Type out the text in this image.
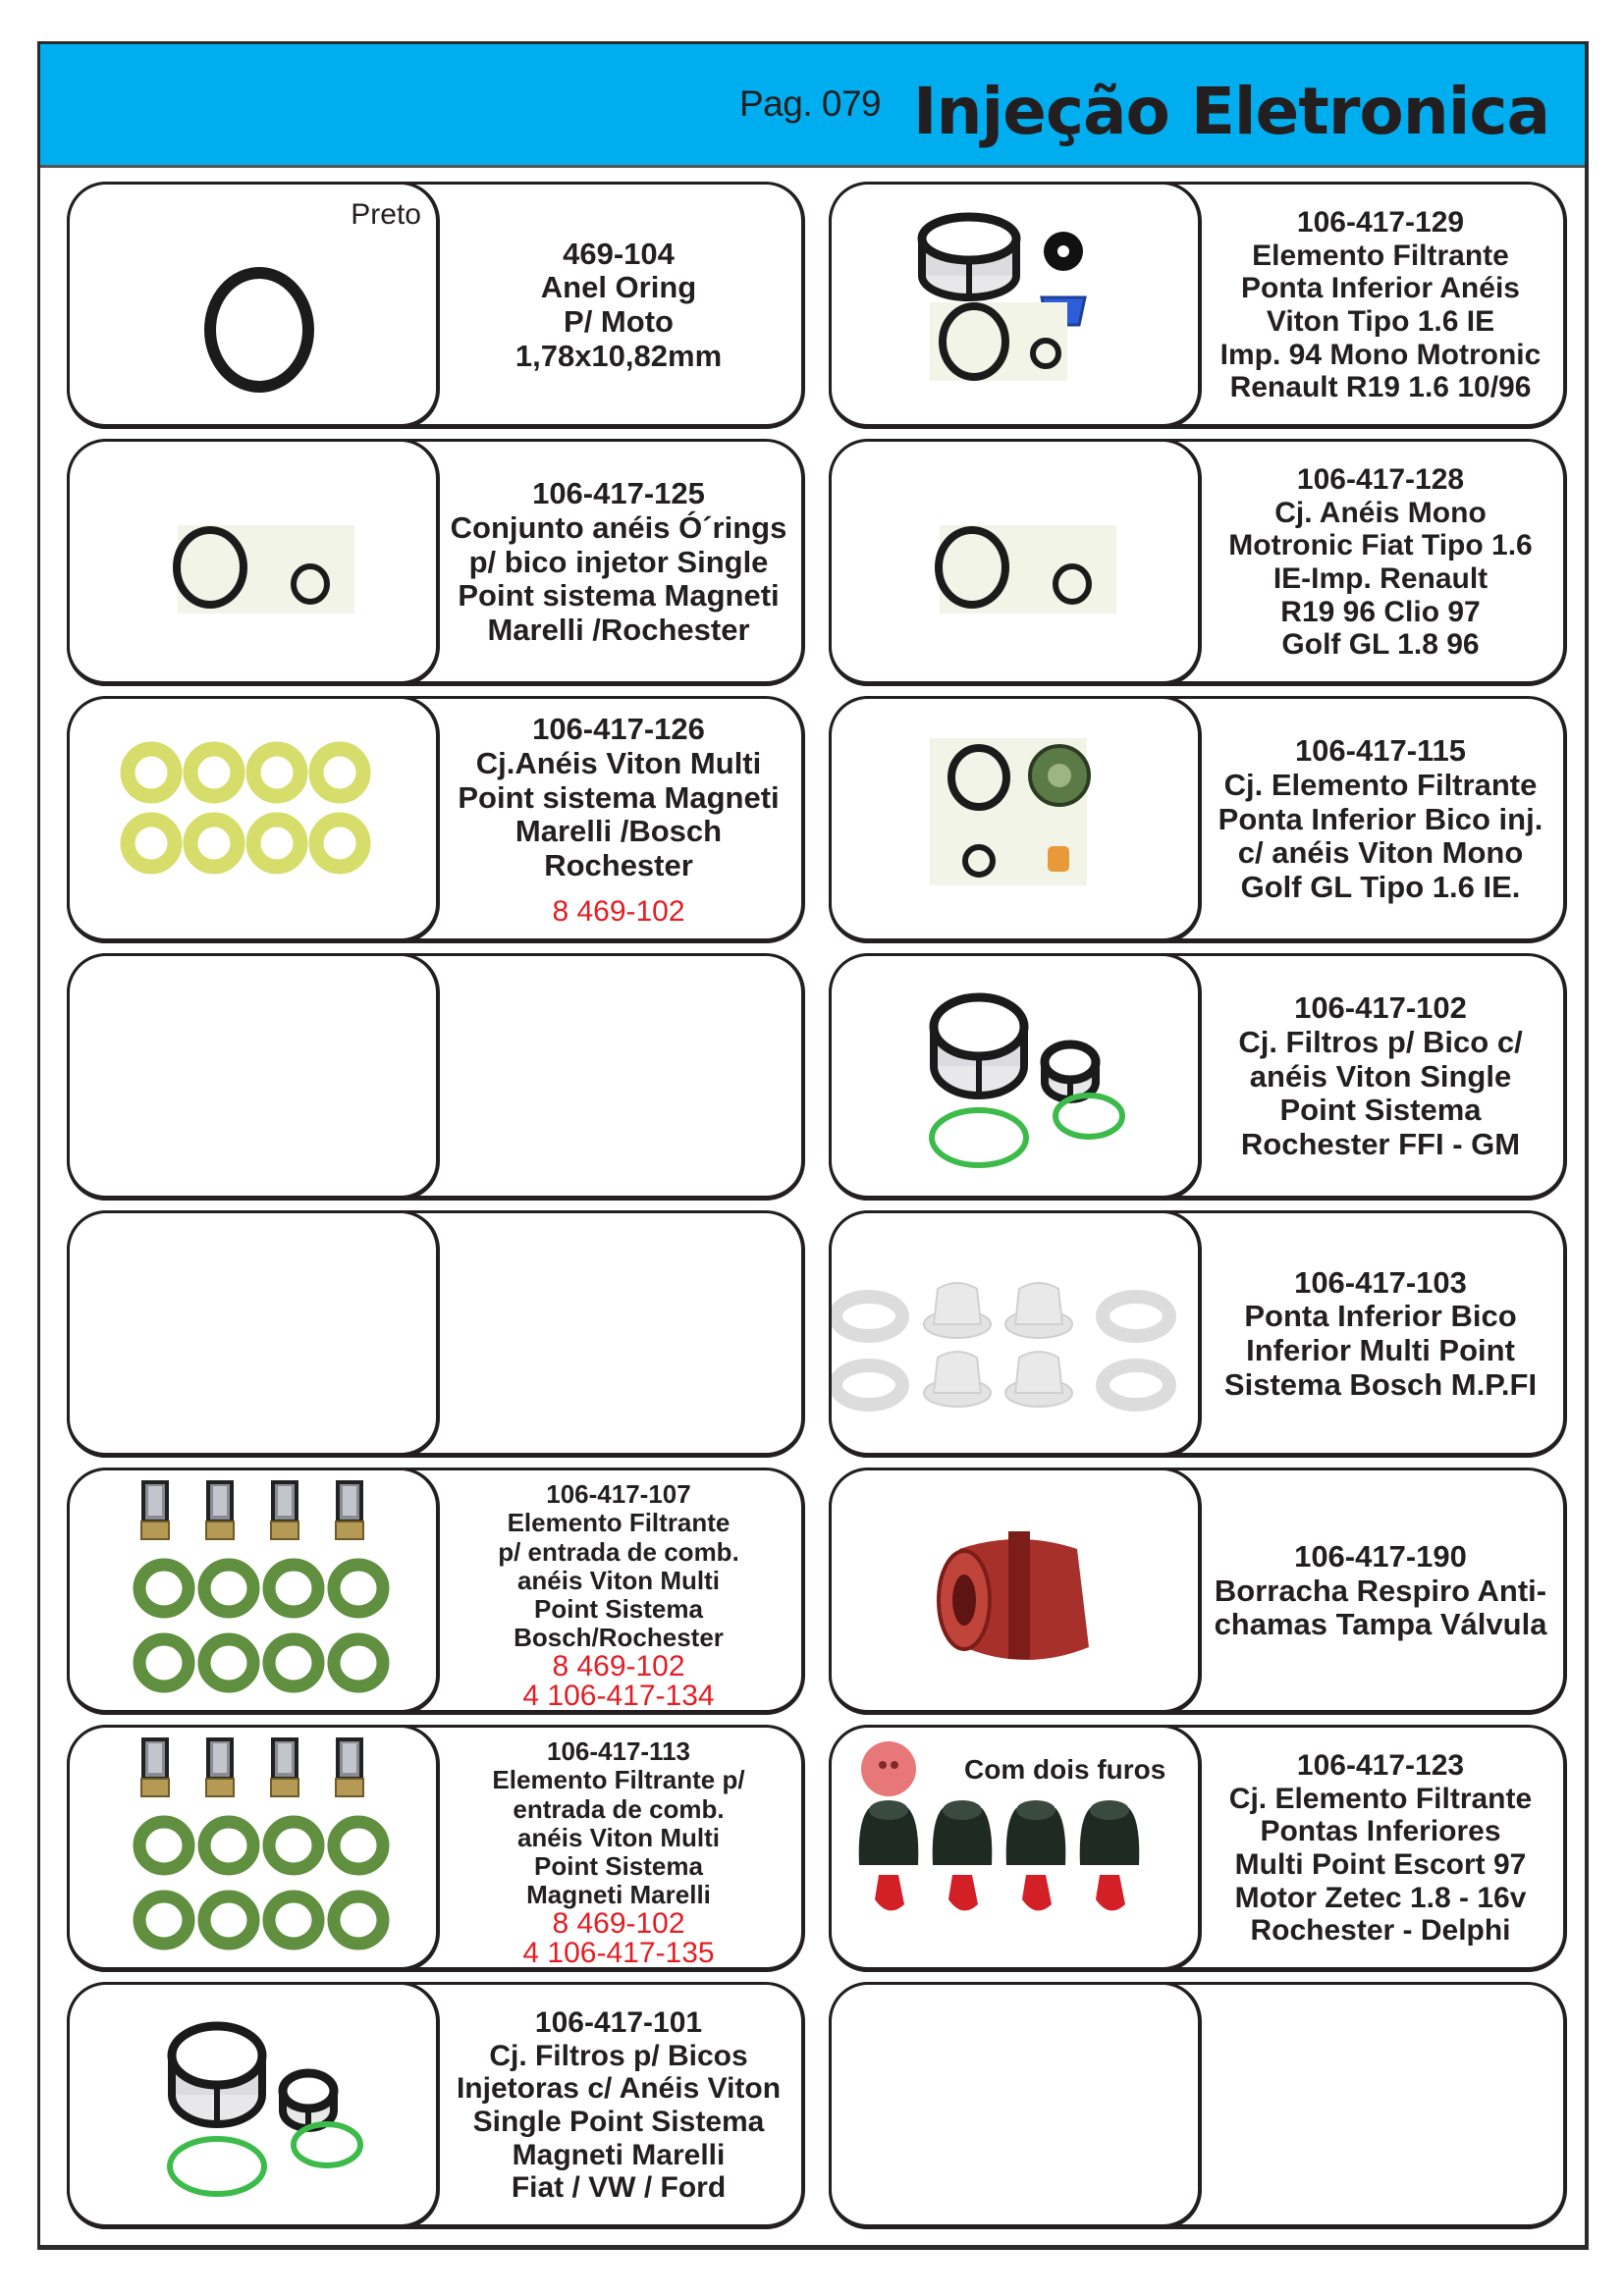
Pag. 079 Injeção Eletronica
Preto
469-104
Anel Oring
P/ Moto
1,78x10,82mm
106-417-129
Elemento Filtrante
Ponta Inferior Anéis
Viton Tipo 1.6 IE
Imp. 94 Mono Motronic
Renault R19 1.6 10/96
106-417-125
Conjunto anéis Ó´rings
p/ bico injetor Single
Point sistema Magneti
Marelli /Rochester
106-417-128
Cj. Anéis Mono
Motronic Fiat Tipo 1.6
IE-Imp. Renault
R19 96 Clio 97
Golf GL 1.8 96
106-417-126
Cj.Anéis Viton Multi
Point sistema Magneti
Marelli /Bosch
Rochester
8 469-102
106-417-115
Cj. Elemento Filtrante
Ponta Inferior Bico inj.
c/ anéis Viton Mono
Golf GL Tipo 1.6 IE.
106-417-102
Cj. Filtros p/ Bico c/
anéis Viton Single
Point Sistema
Rochester FFI - GM
106-417-103
Ponta Inferior Bico
Inferior Multi Point
Sistema Bosch M.P.FI
106-417-107
Elemento Filtrante
p/ entrada de comb.
anéis Viton Multi
Point Sistema
Bosch/Rochester
8 469-102
4 106-417-134
106-417-190
Borracha Respiro Anti-
chamas Tampa Válvula
106-417-113
Elemento Filtrante p/
entrada de comb.
anéis Viton Multi
Point Sistema
Magneti Marelli
8 469-102
4 106-417-135
Com dois furos	106-417-123
Cj. Elemento Filtrante
Pontas Inferiores
Multi Point Escort 97
Motor Zetec 1.8 - 16v
Rochester - Delphi
106-417-101
Cj. Filtros p/ Bicos
Injetoras c/ Anéis Viton
Single Point Sistema
Magneti Marelli
Fiat / VW / Ford
